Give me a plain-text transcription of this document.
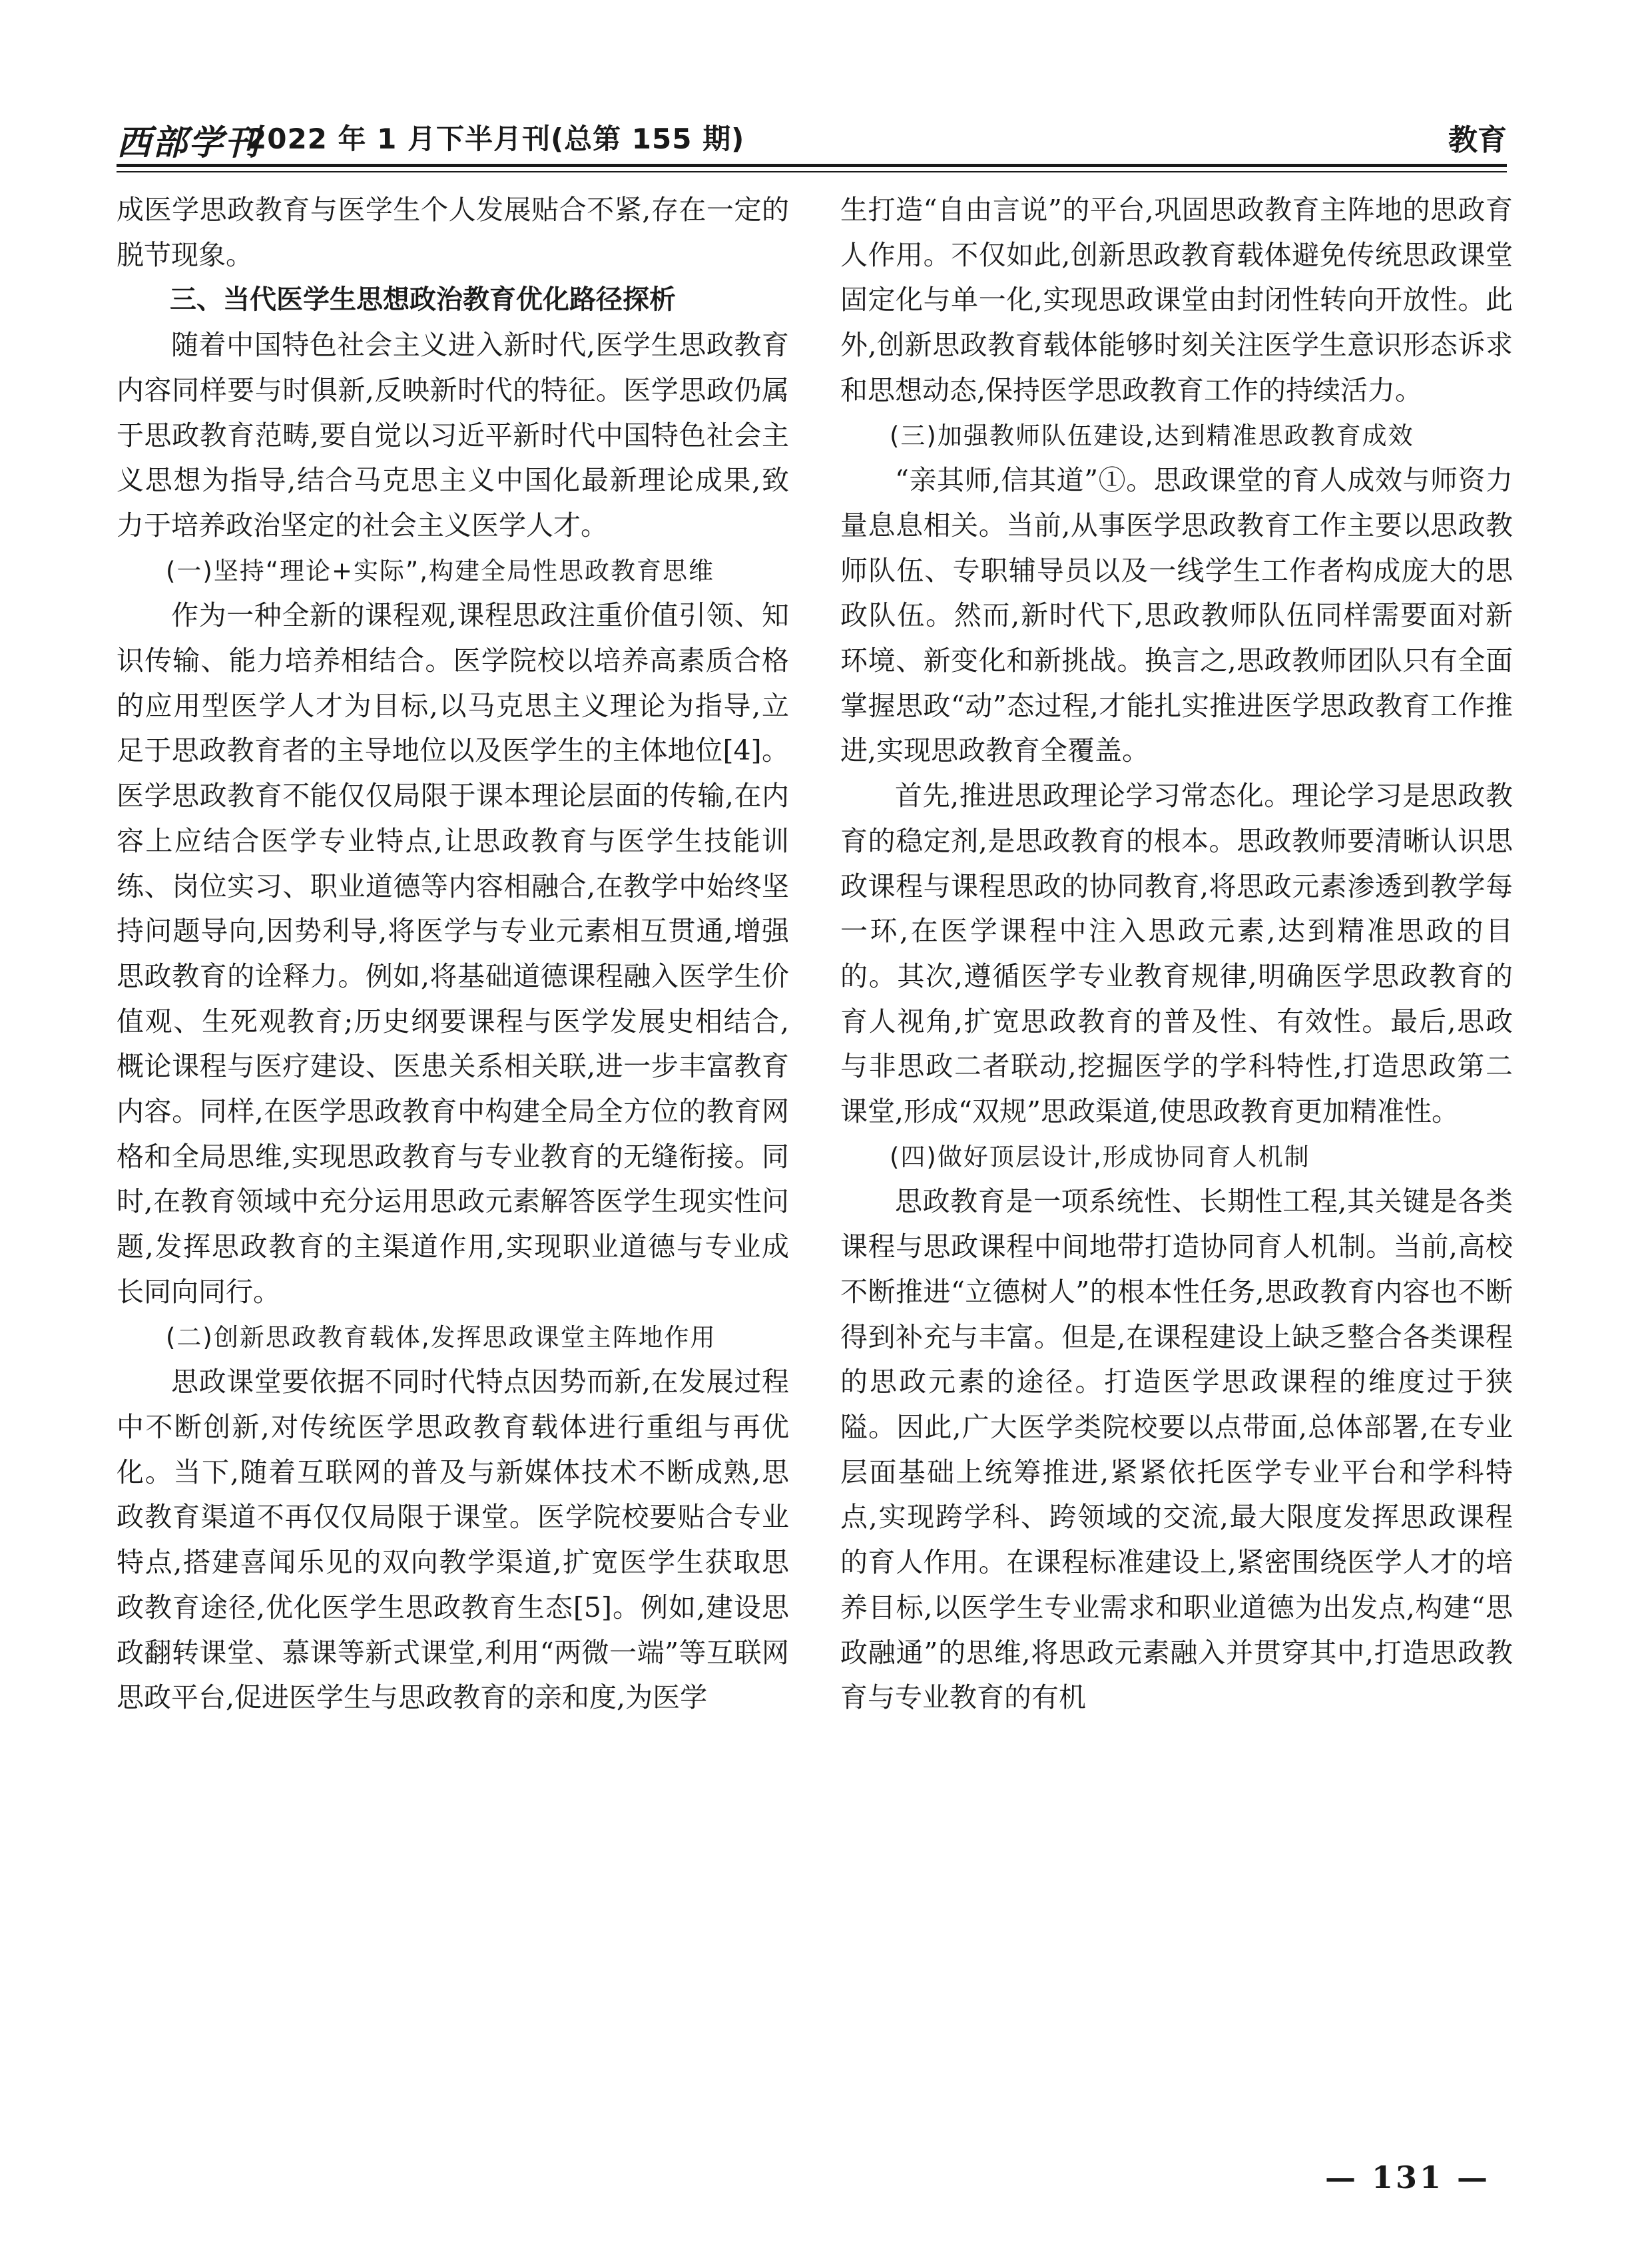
西部学刊
2022 年 1 月下半月刊(总第 155 期)	教育

成医学思政教育与医学生个人发展贴合不紧,存在一定的脱节现象。

三、当代医学生思想政治教育优化路径探析

随着中国特色社会主义进入新时代,医学生思政教育内容同样要与时俱新,反映新时代的特征。医学思政仍属于思政教育范畴,要自觉以习近平新时代中国特色社会主义思想为指导,结合马克思主义中国化最新理论成果,致力于培养政治坚定的社会主义医学人才。

(一)坚持“理论+实际”,构建全局性思政教育思维

作为一种全新的课程观,课程思政注重价值引领、知识传输、能力培养相结合。医学院校以培养高素质合格的应用型医学人才为目标,以马克思主义理论为指导,立足于思政教育者的主导地位以及医学生的主体地位[4]。医学思政教育不能仅仅局限于课本理论层面的传输,在内容上应结合医学专业特点,让思政教育与医学生技能训练、岗位实习、职业道德等内容相融合,在教学中始终坚持问题导向,因势利导,将医学与专业元素相互贯通,增强思政教育的诠释力。例如,将基础道德课程融入医学生价值观、生死观教育;历史纲要课程与医学发展史相结合,概论课程与医疗建设、医患关系相关联,进一步丰富教育内容。同样,在医学思政教育中构建全局全方位的教育网格和全局思维,实现思政教育与专业教育的无缝衔接。同时,在教育领域中充分运用思政元素解答医学生现实性问题,发挥思政教育的主渠道作用,实现职业道德与专业成长同向同行。

(二)创新思政教育载体,发挥思政课堂主阵地作用

思政课堂要依据不同时代特点因势而新,在发展过程中不断创新,对传统医学思政教育载体进行重组与再优化。当下,随着互联网的普及与新媒体技术不断成熟,思政教育渠道不再仅仅局限于课堂。医学院校要贴合专业特点,搭建喜闻乐见的双向教学渠道,扩宽医学生获取思政教育途径,优化医学生思政教育生态[5]。例如,建设思政翻转课堂、慕课等新式课堂,利用“两微一端”等互联网思政平台,促进医学生与思政教育的亲和度,为医学

生打造“自由言说”的平台,巩固思政教育主阵地的思政育人作用。不仅如此,创新思政教育载体避免传统思政课堂固定化与单一化,实现思政课堂由封闭性转向开放性。此外,创新思政教育载体能够时刻关注医学生意识形态诉求和思想动态,保持医学思政教育工作的持续活力。

(三)加强教师队伍建设,达到精准思政教育成效

“亲其师,信其道”①。思政课堂的育人成效与师资力量息息相关。当前,从事医学思政教育工作主要以思政教师队伍、专职辅导员以及一线学生工作者构成庞大的思政队伍。然而,新时代下,思政教师队伍同样需要面对新环境、新变化和新挑战。换言之,思政教师团队只有全面掌握思政“动”态过程,才能扎实推进医学思政教育工作推进,实现思政教育全覆盖。

首先,推进思政理论学习常态化。理论学习是思政教育的稳定剂,是思政教育的根本。思政教师要清晰认识思政课程与课程思政的协同教育,将思政元素渗透到教学每一环,在医学课程中注入思政元素,达到精准思政的目的。其次,遵循医学专业教育规律,明确医学思政教育的育人视角,扩宽思政教育的普及性、有效性。最后,思政与非思政二者联动,挖掘医学的学科特性,打造思政第二课堂,形成“双规”思政渠道,使思政教育更加精准性。

(四)做好顶层设计,形成协同育人机制

思政教育是一项系统性、长期性工程,其关键是各类课程与思政课程中间地带打造协同育人机制。当前,高校不断推进“立德树人”的根本性任务,思政教育内容也不断得到补充与丰富。但是,在课程建设上缺乏整合各类课程的思政元素的途径。打造医学思政课程的维度过于狭隘。因此,广大医学类院校要以点带面,总体部署,在专业层面基础上统筹推进,紧紧依托医学专业平台和学科特点,实现跨学科、跨领域的交流,最大限度发挥思政课程的育人作用。在课程标准建设上,紧密围绕医学人才的培养目标,以医学生专业需求和职业道德为出发点,构建“思政融通”的思维,将思政元素融入并贯穿其中,打造思政教育与专业教育的有机

— 131 —
